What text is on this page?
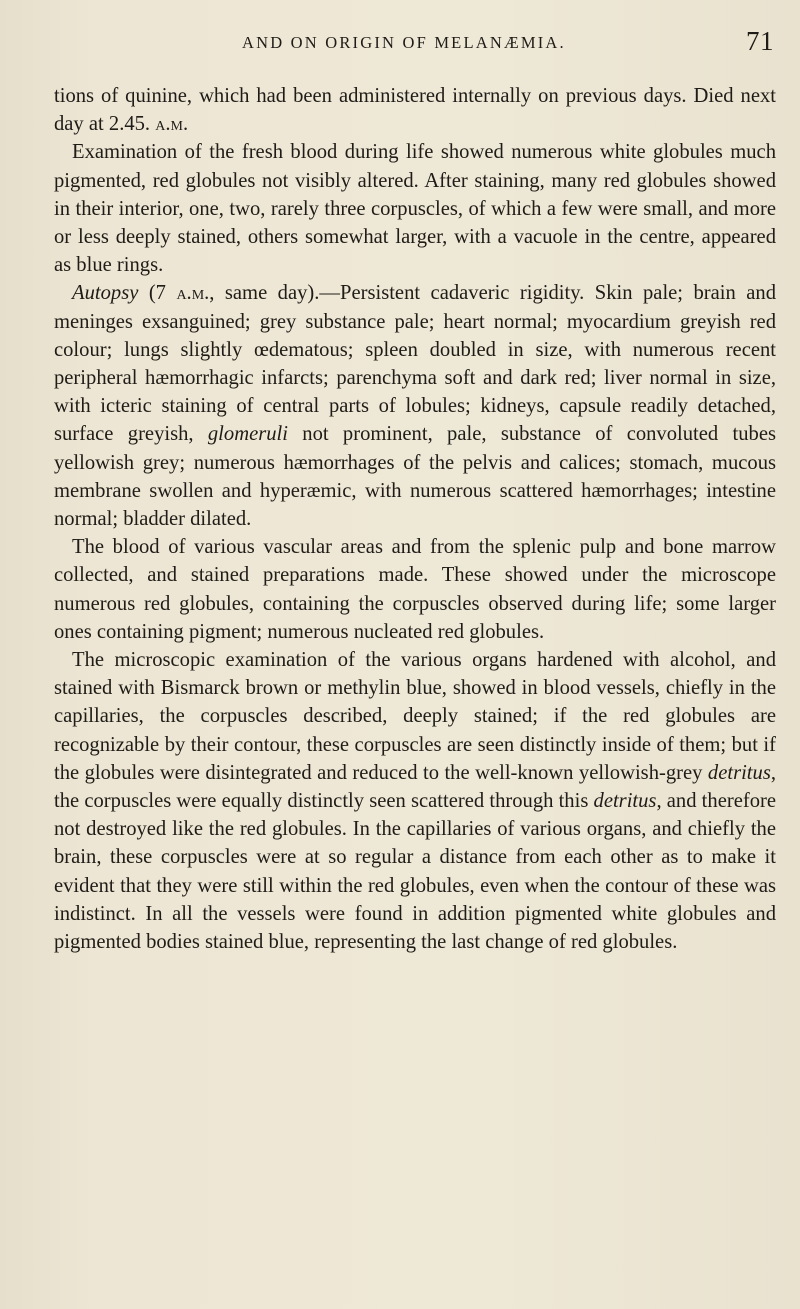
AND ON ORIGIN OF MELANÆMIA.	71

tions of quinine, which had been administered internally on previous days. Died next day at 2.45. a.m.

Examination of the fresh blood during life showed numerous white globules much pigmented, red globules not visibly altered. After staining, many red globules showed in their interior, one, two, rarely three corpuscles, of which a few were small, and more or less deeply stained, others somewhat larger, with a vacuole in the centre, appeared as blue rings.

Autopsy (7 a.m., same day).—Persistent cadaveric rigidity. Skin pale; brain and meninges exsanguined; grey substance pale; heart normal; myocardium greyish red colour; lungs slightly œdematous; spleen doubled in size, with numerous recent peripheral hæmorrhagic infarcts; parenchyma soft and dark red; liver normal in size, with icteric staining of central parts of lobules; kidneys, capsule readily detached, surface greyish, glomeruli not prominent, pale, substance of convoluted tubes yellowish grey; numerous hæmorrhages of the pelvis and calices; stomach, mucous membrane swollen and hyperæmic, with numerous scattered hæmorrhages; intestine normal; bladder dilated.

The blood of various vascular areas and from the splenic pulp and bone marrow collected, and stained preparations made. These showed under the microscope numerous red globules, containing the corpuscles observed during life; some larger ones containing pigment; numerous nucleated red globules.

The microscopic examination of the various organs hardened with alcohol, and stained with Bismarck brown or methylin blue, showed in blood vessels, chiefly in the capillaries, the corpuscles described, deeply stained; if the red globules are recognizable by their contour, these corpuscles are seen distinctly inside of them; but if the globules were disintegrated and reduced to the well-known yellowish-grey detritus, the corpuscles were equally distinctly seen scattered through this detritus, and therefore not destroyed like the red globules. In the capillaries of various organs, and chiefly the brain, these corpuscles were at so regular a distance from each other as to make it evident that they were still within the red globules, even when the contour of these was indistinct. In all the vessels were found in addition pigmented white globules and pigmented bodies stained blue, representing the last change of red globules.
